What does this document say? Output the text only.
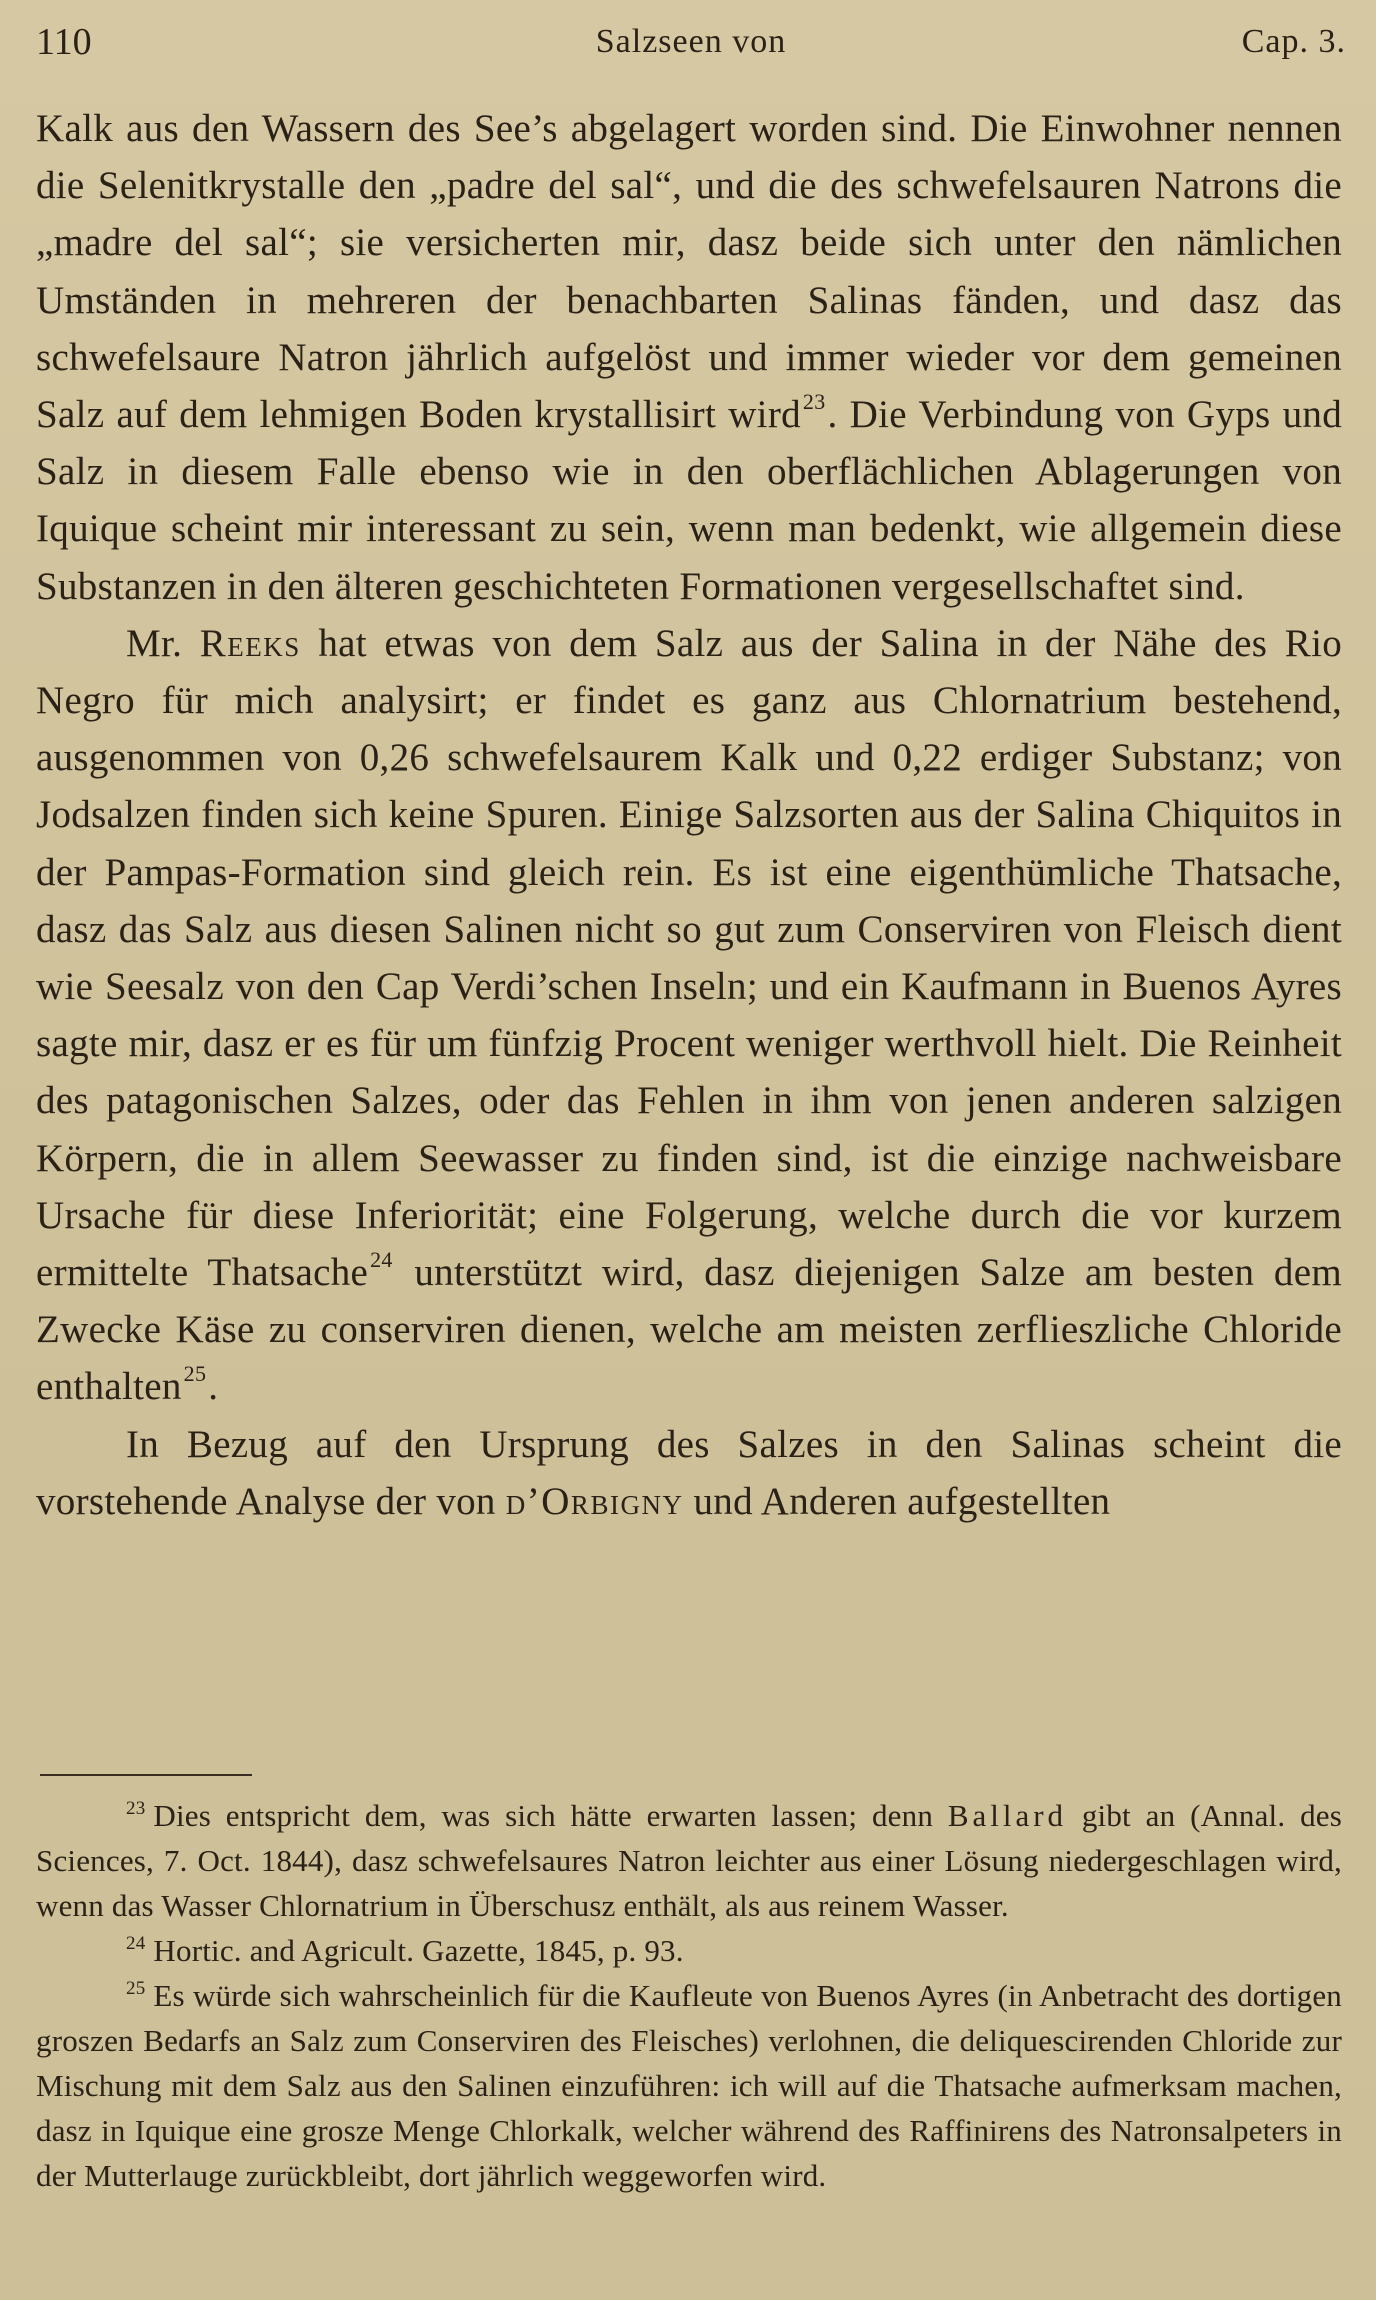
110	Salzseen von	Cap. 3.

Kalk aus den Wassern des See’s abgelagert worden sind. Die Einwohner nennen die Selenitkrystalle den „padre del sal“, und die des schwefelsauren Natrons die „madre del sal“; sie versicherten mir, dasz beide sich unter den nämlichen Umständen in mehreren der benachbarten Salinas fänden, und dasz das schwefelsaure Natron jährlich aufgelöst und immer wieder vor dem gemeinen Salz auf dem lehmigen Boden krystallisirt wird$^{23}$. Die Verbindung von Gyps und Salz in diesem Falle ebenso wie in den oberflächlichen Ablagerungen von Iquique scheint mir interessant zu sein, wenn man bedenkt, wie allgemein diese Substanzen in den älteren geschichteten Formationen vergesellschaftet sind.

Mr. Reeks hat etwas von dem Salz aus der Salina in der Nähe des Rio Negro für mich analysirt; er findet es ganz aus Chlornatrium bestehend, ausgenommen von 0,26 schwefelsaurem Kalk und 0,22 erdiger Substanz; von Jodsalzen finden sich keine Spuren. Einige Salzsorten aus der Salina Chiquitos in der Pampas-Formation sind gleich rein. Es ist eine eigenthümliche Thatsache, dasz das Salz aus diesen Salinen nicht so gut zum Conserviren von Fleisch dient wie Seesalz von den Cap Verdi’schen Inseln; und ein Kaufmann in Buenos Ayres sagte mir, dasz er es für um fünfzig Procent weniger werthvoll hielt. Die Reinheit des patagonischen Salzes, oder das Fehlen in ihm von jenen anderen salzigen Körpern, die in allem Seewasser zu finden sind, ist die einzige nachweisbare Ursache für diese Inferiorität; eine Folgerung, welche durch die vor kurzem ermittelte Thatsache$^{24}$ unterstützt wird, dasz diejenigen Salze am besten dem Zwecke Käse zu conserviren dienen, welche am meisten zerflieszliche Chloride enthalten$^{25}$.

In Bezug auf den Ursprung des Salzes in den Salinas scheint die vorstehende Analyse der von d’Orbigny und Anderen aufgestellten

$^{23}$ Dies entspricht dem, was sich hätte erwarten lassen; denn Ballard gibt an (Annal. des Sciences, 7. Oct. 1844), dasz schwefelsaures Natron leichter aus einer Lösung niedergeschlagen wird, wenn das Wasser Chlornatrium in Überschusz enthält, als aus reinem Wasser.

$^{24}$ Hortic. and Agricult. Gazette, 1845, p. 93.

$^{25}$ Es würde sich wahrscheinlich für die Kaufleute von Buenos Ayres (in Anbetracht des dortigen groszen Bedarfs an Salz zum Conserviren des Fleisches) verlohnen, die deliquescirenden Chloride zur Mischung mit dem Salz aus den Salinen einzuführen: ich will auf die Thatsache aufmerksam machen, dasz in Iquique eine grosze Menge Chlorkalk, welcher während des Raffinirens des Natronsalpeters in der Mutterlauge zurückbleibt, dort jährlich weggeworfen wird.
